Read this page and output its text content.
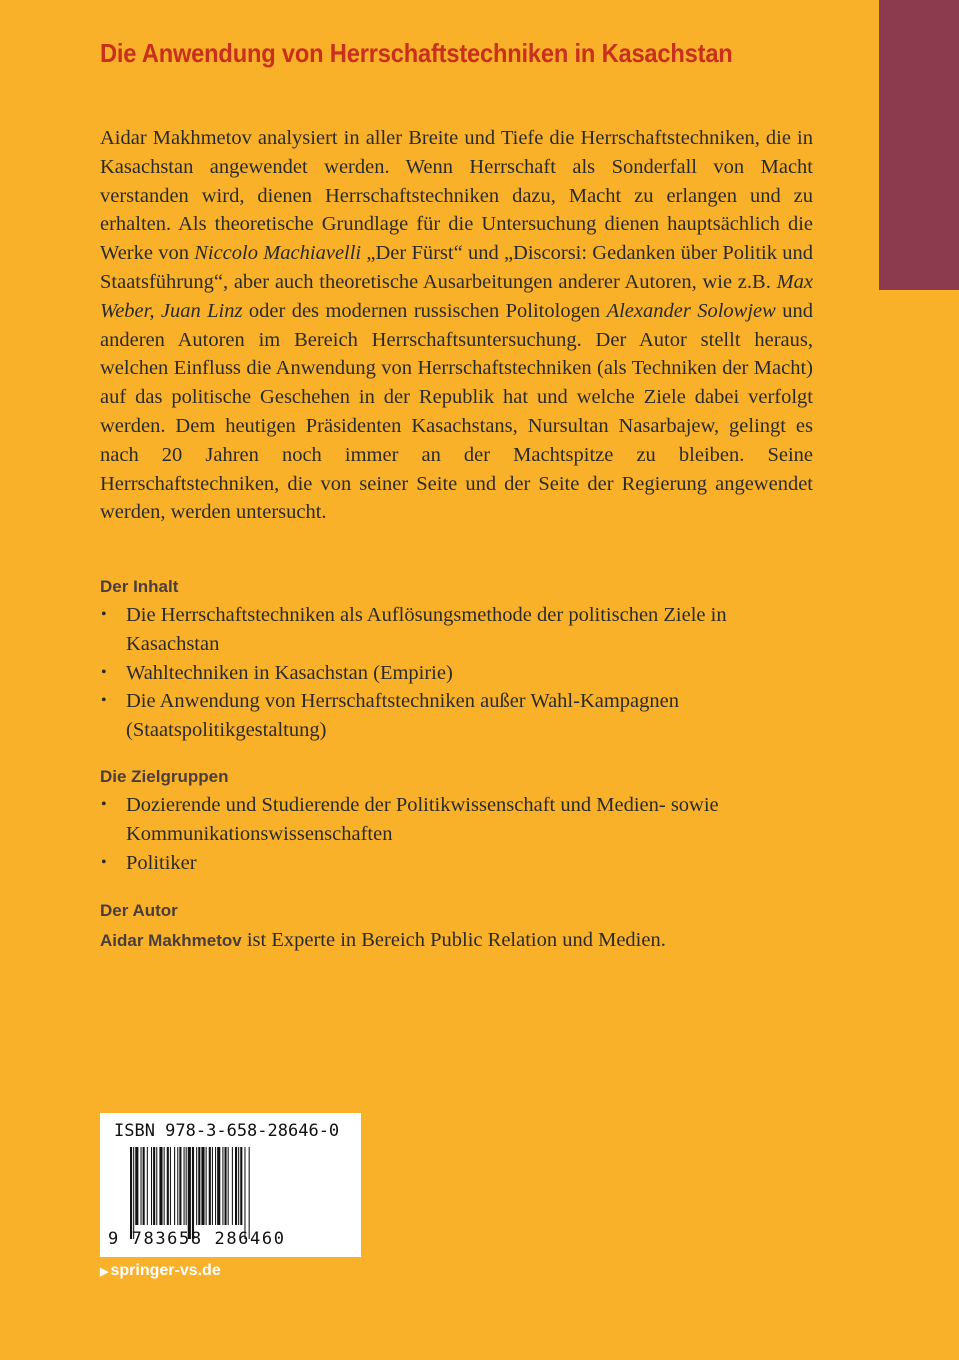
Die Anwendung von Herrschaftstechniken in Kasachstan

Aidar Makhmetov analysiert in aller Breite und Tiefe die Herrschaftstechniken, die in Kasachstan angewendet werden. Wenn Herrschaft als Sonderfall von Macht verstanden wird, dienen Herrschaftstechniken dazu, Macht zu erlangen und zu erhalten. Als theoretische Grundlage für die Untersuchung dienen hauptsächlich die Werke von Niccolo Machiavelli „Der Fürst“ und „Discorsi: Gedanken über Politik und Staatsführung“, aber auch theoretische Ausarbeitungen anderer Autoren, wie z.B. Max Weber, Juan Linz oder des modernen russischen Politologen Alexander Solowjew und anderen Autoren im Bereich Herrschaftsuntersuchung. Der Autor stellt heraus, welchen Einfluss die Anwendung von Herrschaftstechniken (als Techniken der Macht) auf das politische Geschehen in der Republik hat und welche Ziele dabei verfolgt werden. Dem heutigen Präsidenten Kasachstans, Nursultan Nasarbajew, gelingt es nach 20 Jahren noch immer an der Machtspitze zu bleiben. Seine Herrschaftstechniken, die von seiner Seite und der Seite der Regierung angewendet werden, werden untersucht.

Der Inhalt
• Die Herrschaftstechniken als Auflösungsmethode der politischen Ziele in Kasachstan
• Wahltechniken in Kasachstan (Empirie)
• Die Anwendung von Herrschaftstechniken außer Wahl-Kampagnen (Staatspolitikgestaltung)
Die Zielgruppen
• Dozierende und Studierende der Politikwissenschaft und Medien- sowie Kommunikationswissenschaften
• Politiker
Der Autor

Aidar Makhmetov ist Experte in Bereich Public Relation und Medien.

ISBN 978-3-658-28646-0
9 783658 286460
▶ springer-vs.de
